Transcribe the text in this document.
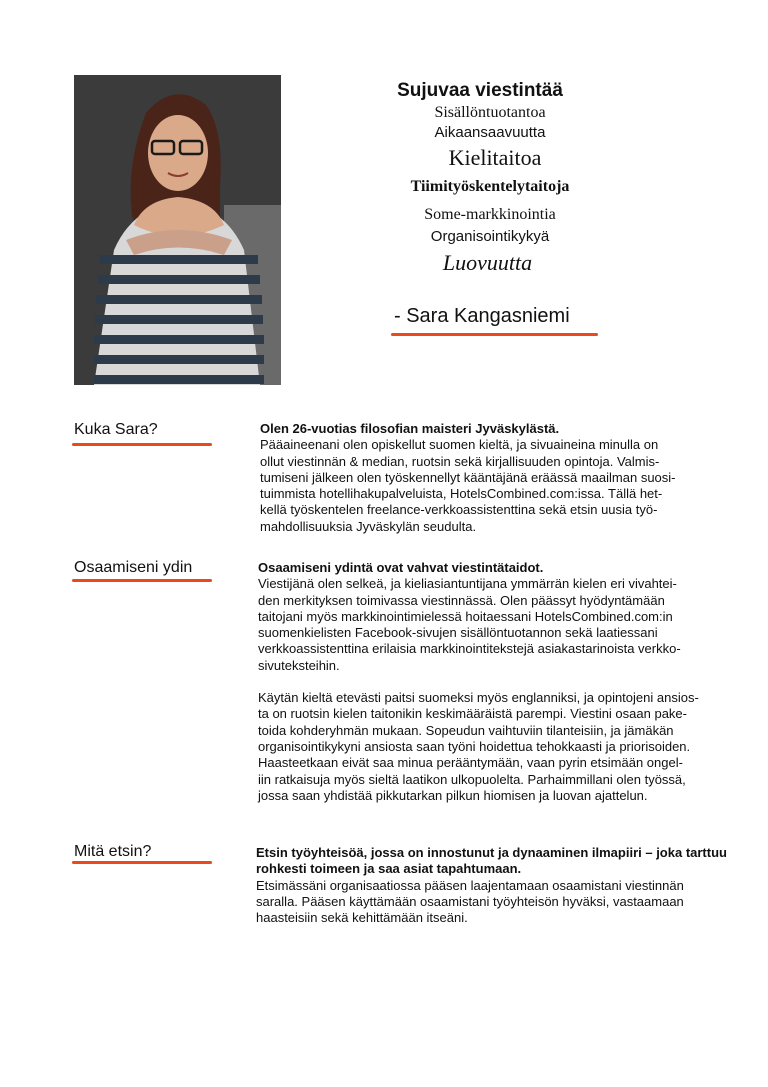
Sujuvaa viestintää
Sisällöntuotantoa
Aikaansaavuutta
Kielitaitoa
Tiimityöskentelytaitoja
Some-markkinointia
Organisointikykyä
Luovuutta
- Sara Kangasniemi
Kuka Sara?	Olen 26-vuotias filosofian maisteri Jyväskylästä.
Pääaineenani olen opiskellut suomen kieltä, ja sivuaineina minulla on
ollut viestinnän & median, ruotsin sekä kirjallisuuden opintoja. Valmis-
tumiseni jälkeen olen työskennellyt kääntäjänä eräässä maailman suosi-
tuimmista hotellihakupalveluista, HotelsCombined.com:issa. Tällä het-
kellä työskentelen freelance-verkkoassistenttina sekä etsin uusia työ-
mahdollisuuksia Jyväskylän seudulta.
Osaamiseni ydin	Osaamiseni ydintä ovat vahvat viestintätaidot.
Viestijänä olen selkeä, ja kieliasiantuntijana ymmärrän kielen eri vivahtei-
den merkityksen toimivassa viestinnässä. Olen päässyt hyödyntämään
taitojani myös markkinointimielessä hoitaessani HotelsCombined.com:in
suomenkielisten Facebook-sivujen sisällöntuotannon sekä laatiessani
verkkoassistenttina erilaisia markkinointitekstejä asiakastarinoista verkko-
sivuteksteihin.
Käytän kieltä etevästi paitsi suomeksi myös englanniksi, ja opintojeni ansios-
ta on ruotsin kielen taitonikin keskimääräistä parempi. Viestini osaan pake-
toida kohderyhmän mukaan. Sopeudun vaihtuviin tilanteisiin, ja jämäkän
organisointikykyni ansiosta saan työni hoidettua tehokkaasti ja priorisoiden.
Haasteetkaan eivät saa minua perääntymään, vaan pyrin etsimään ongel-
iin ratkaisuja myös sieltä laatikon ulkopuolelta. Parhaimmillani olen työssä,
jossa saan yhdistää pikkutarkan pilkun hiomisen ja luovan ajattelun.
Mitä etsin?	Etsin työyhteisöä, jossa on innostunut ja dynaaminen ilmapiiri – joka tarttuu
rohkesti toimeen ja saa asiat tapahtumaan.
Etsimässäni organisaatiossa pääsen laajentamaan osaamistani viestinnän
saralla. Pääsen käyttämään osaamistani työyhteisön hyväksi, vastaamaan
haasteisiin sekä kehittämään itseäni.
